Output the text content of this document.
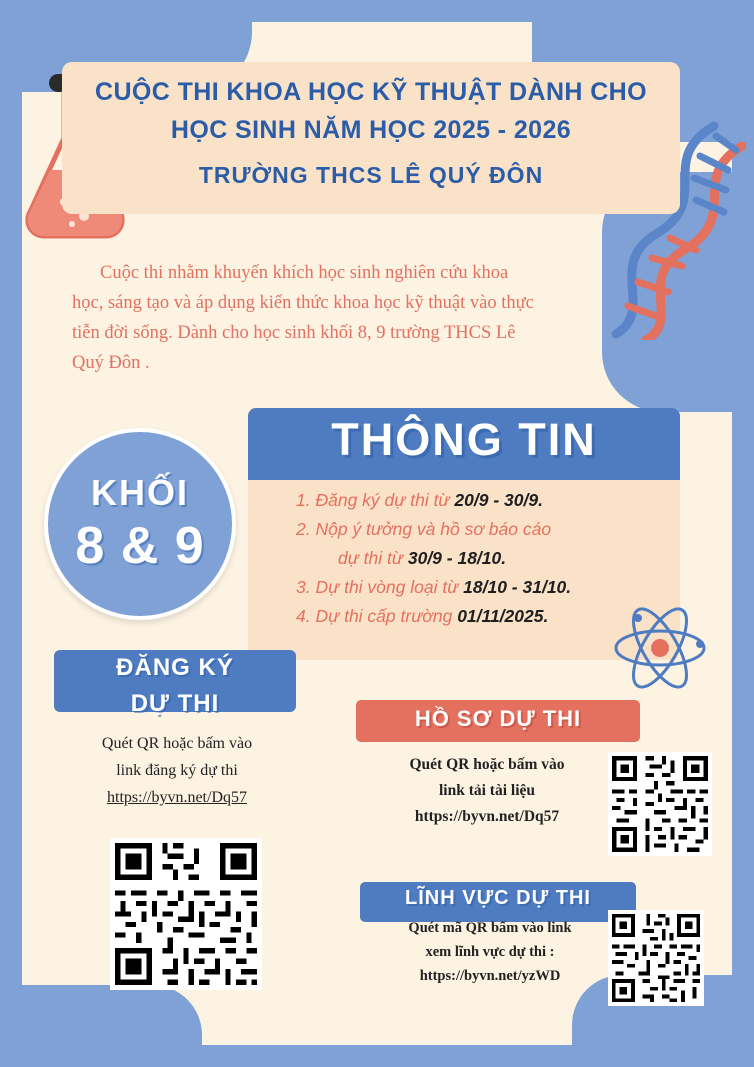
CUỘC THI KHOA HỌC KỸ THUẬT DÀNH CHO
HỌC SINH NĂM HỌC 2025 - 2026
TRƯỜNG THCS LÊ QUÝ ĐÔN

Cuộc thi nhằm khuyến khích học sinh nghiên cứu khoa học, sáng tạo và áp dụng kiến thức khoa học kỹ thuật vào thực tiễn đời sống. Dành cho học sinh khối 8, 9 trường THCS Lê Quý Đôn .

KHỐI
8 & 9
THÔNG TIN
1. Đăng ký dự thi từ 20/9 - 30/9.
2. Nộp ý tưởng và hồ sơ báo cáo
dự thi từ 30/9 - 18/10.
3. Dự thi vòng loại từ 18/10 - 31/10.
4. Dự thi cấp trường 01/11/2025.
ĐĂNG KÝ
DỰ THI
Quét QR hoặc bấm vào
link đăng ký dự thi
https://byvn.net/Dq57
HỒ SƠ DỰ THI
Quét QR hoặc bấm vào
link tải tài liệu
https://byvn.net/Dq57
LĨNH VỰC DỰ THI
Quét mã QR bấm vào link
xem lĩnh vực dự thi :
https://byvn.net/yzWD
